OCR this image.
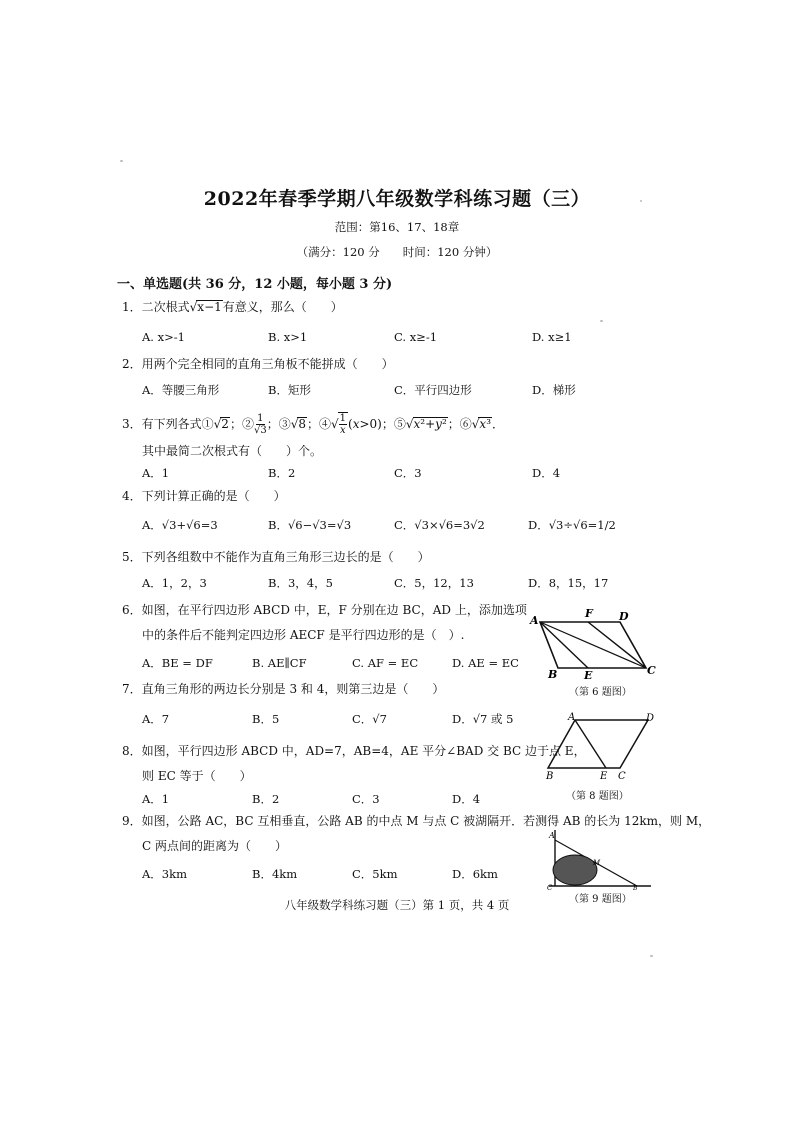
2022年春季学期八年级数学科练习题（三）
范围：第16、17、18章
（满分：120 分　　时间：120 分钟）
一、单选题(共 36 分，12 小题，每小题 3 分)
1．二次根式√x−1有意义，那么（　　）
A. x>-1	B. x>1	C. x≥-1	D. x≥1
2．用两个完全相同的直角三角板不能拼成（　　）
A．等腰三角形	B．矩形	C．平行四边形	D．梯形
3．有下列各式①√2；② $\frac{1}{√3}$ ；③√8；④√ $\frac{1}{x} (x>0)$；⑤√x²+y²；⑥√x³．
其中最简二次根式有（　　）个。
A．1	B．2	C．3	D．4
4．下列计算正确的是（　　）
A．√3+√6=3	B．√6−√3=√3	C．√3×√6=3√2	D．√3÷√6=1/2
5．下列各组数中不能作为直角三角形三边长的是（　　）
A．1，2，3	B．3，4，5	C．5，12，13	D．8，15，17
6．如图，在平行四边形 ABCD 中，E，F 分别在边 BC，AD 上，添加选项
中的条件后不能判定四边形 AECF 是平行四边形的是（　）.
A．BE = DF	B. AE∥CF	C. AF = EC	D. AE = EC
A
F D
B E	C
（第 6 题图）
7．直角三角形的两边长分别是 3 和 4，则第三边是（　　）
A．7	B．5	C．√7	D．√7 或 5	A	D
B	E C
（第 8 题图）
8．如图，平行四边形 ABCD 中，AD=7，AB=4，AE 平分∠BAD 交 BC 边于点 E，
则 EC 等于（　　）
A．1	B．2	C．3	D．4
9．如图，公路 AC，BC 互相垂直，公路 AB 的中点 M 与点 C 被湖隔开．若测得 AB 的长为 12km，则 M，
C 两点间的距离为（　　）
A．3km	B．4km	C．5km	D．6km
A
M
C	B
（第 9 题图）
八年级数学科练习题（三）第 1 页，共 4 页
